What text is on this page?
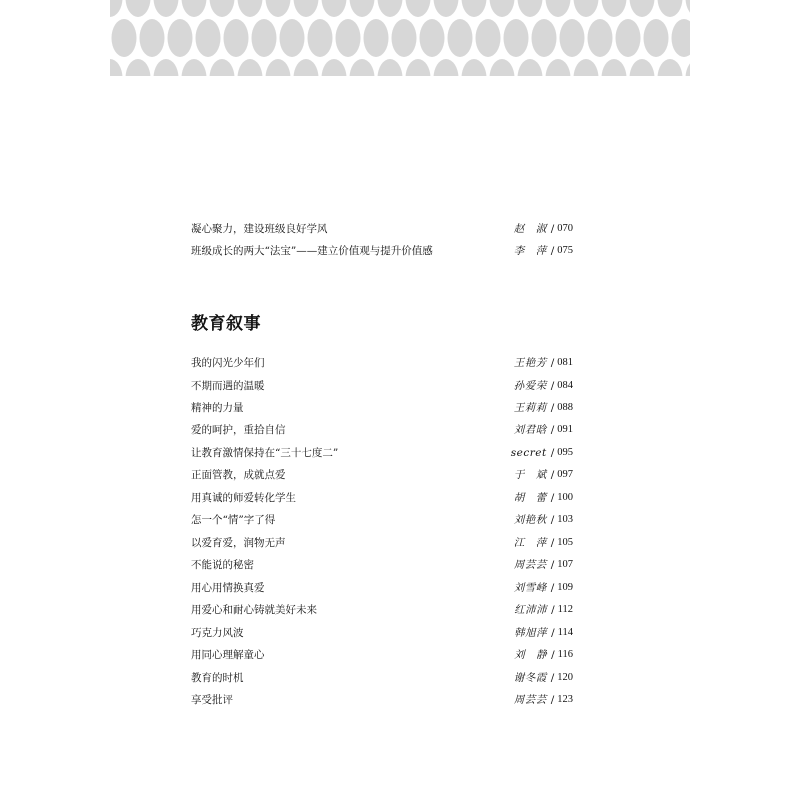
凝心聚力，建设班级良好学风	赵　淑 / 070
班级成长的两大“法宝”——建立价值观与提升价值感	李　萍 / 075
教育叙事
我的闪光少年们	王艳芳 / 081
不期而遇的温暖	孙爱荣 / 084
精神的力量	王莉莉 / 088
爱的呵护，重拾自信	刘君晗 / 091
让教育激情保持在“三十七度二”	secret / 095
正面管教，成就点爱	于　斌 / 097
用真诚的师爱转化学生	胡　蕾 / 100
怎一个“情”字了得	刘艳秋 / 103
以爱育爱，润物无声	江　萍 / 105
不能说的秘密	周芸芸 / 107
用心用情换真爱	刘雪峰 / 109
用爱心和耐心铸就美好未来	红沛沛 / 112
巧克力风波	韩旭萍 / 114
用同心理解童心	刘　静 / 116
教育的时机	谢冬霞 / 120
享受批评	周芸芸 / 123
